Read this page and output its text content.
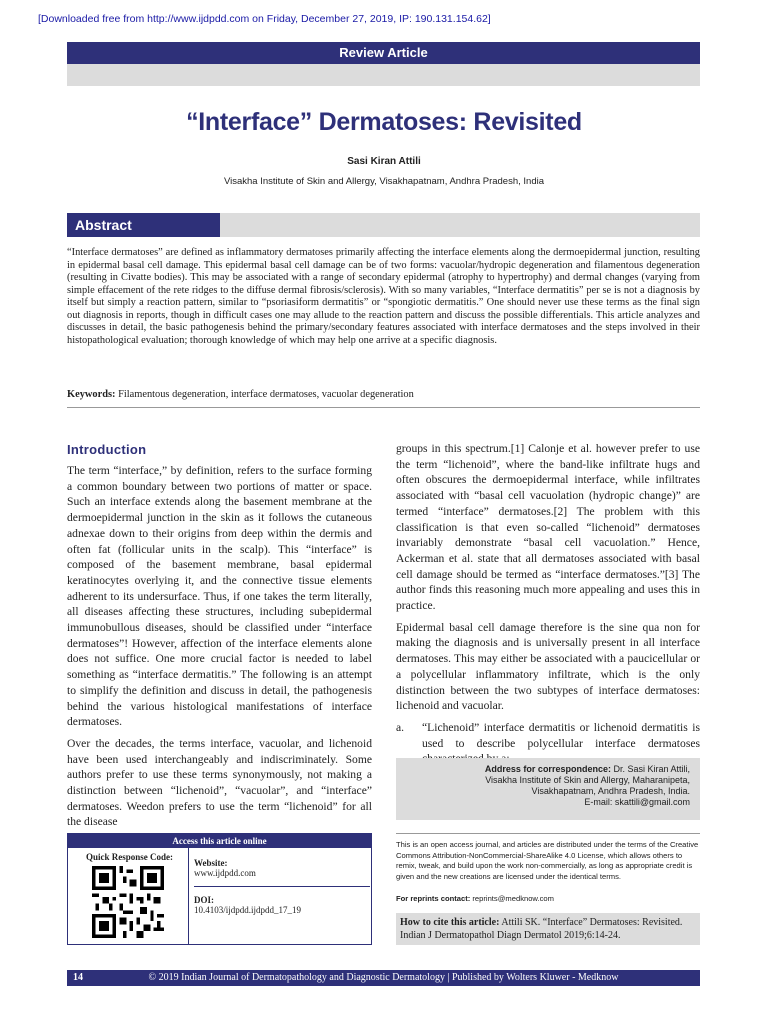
[Downloaded free from http://www.ijdpdd.com on Friday, December 27, 2019, IP: 190.131.154.62]
Review Article
“Interface” Dermatoses: Revisited
Sasi Kiran Attili
Visakha Institute of Skin and Allergy, Visakhapatnam, Andhra Pradesh, India
Abstract
“Interface dermatoses” are defined as inflammatory dermatoses primarily affecting the interface elements along the dermoepidermal junction, resulting in epidermal basal cell damage. This epidermal basal cell damage can be of two forms: vacuolar/hydropic degeneration and filamentous degeneration (resulting in Civatte bodies). This may be associated with a range of secondary epidermal (atrophy to hypertrophy) and dermal changes (varying from simple effacement of the rete ridges to the diffuse dermal fibrosis/sclerosis). With so many variables, “Interface dermatitis” per se is not a diagnosis by itself but simply a reaction pattern, similar to “psoriasiform dermatitis” or “spongiotic dermatitis.” One should never use these terms as the final sign out diagnosis in reports, though in difficult cases one may allude to the reaction pattern and discuss the possible differentials. This article analyzes and discusses in detail, the basic pathogenesis behind the primary/secondary features associated with interface dermatoses and the steps involved in their histopathological evaluation; thorough knowledge of which may help one arrive at a specific diagnosis.
Keywords: Filamentous degeneration, interface dermatoses, vacuolar degeneration
Introduction

The term “interface,” by definition, refers to the surface forming a common boundary between two portions of matter or space. Such an interface extends along the basement membrane at the dermoepidermal junction in the skin as it follows the cutaneous adnexae down to their origins from deep within the dermis and often fat (follicular units in the scalp). This “interface” is composed of the basement membrane, basal epidermal keratinocytes overlying it, and the connective tissue elements adherent to its undersurface. Thus, if one takes the term literally, all diseases affecting these structures, including subepidermal immunobullous diseases, should be classified under “interface dermatoses”! However, affection of the interface elements alone does not suffice. One more crucial factor is needed to label something as “interface dermatitis.” The following is an attempt to simplify the definition and discuss in detail, the pathogenesis behind the various histological manifestations of interface dermatoses.

Over the decades, the terms interface, vacuolar, and lichenoid have been used interchangeably and indiscriminately. Some authors prefer to use these terms synonymously, not making a distinction between “lichenoid”, “vacuolar”, and “interface” dermatoses. Weedon prefers to use the term “lichenoid” for all the disease

groups in this spectrum.[1] Calonje et al. however prefer to use the term “lichenoid”, where the band-like infiltrate hugs and often obscures the dermoepidermal interface, while infiltrates associated with “basal cell vacuolation (hydropic change)” are termed “interface” dermatoses.[2] The problem with this classification is that even so-called “lichenoid” dermatoses invariably demonstrate “basal cell vacuolation.” Hence, Ackerman et al. state that all dermatoses associated with basal cell damage should be termed as “interface dermatoses.”[3] The author finds this reasoning much more appealing and uses this in practice.

Epidermal basal cell damage therefore is the sine qua non for making the diagnosis and is universally present in all interface dermatoses. This may either be associated with a paucicellular or a polycellular inflammatory infiltrate, which is the only distinction between the two subtypes of interface dermatoses: lichenoid and vacuolar.

a.	“Lichenoid” interface dermatitis or lichenoid dermatitis is used to describe polycellular interface dermatoses
Address for correspondence: Dr. Sasi Kiran Attili,
Visakha Institute of Skin and Allergy, Maharanipeta,
Visakhapatnam, Andhra Pradesh, India.
E-mail: skattili@gmail.com
Access this article online
Quick Response Code:
Website:
www.ijdpdd.com
DOI:
10.4103/ijdpdd.ijdpdd_17_19
This is an open access journal, and articles are distributed under the terms of the Creative Commons Attribution-NonCommercial-ShareAlike 4.0 License, which allows others to remix, tweak, and build upon the work non-commercially, as long as appropriate credit is given and the new creations are licensed under the identical terms.
For reprints contact: reprints@medknow.com
How to cite this article: Attili SK. “Interface” Dermatoses: Revisited. Indian J Dermatopathol Diagn Dermatol 2019;6:14-24.
14	© 2019 Indian Journal of Dermatopathology and Diagnostic Dermatology | Published by Wolters Kluwer - Medknow
